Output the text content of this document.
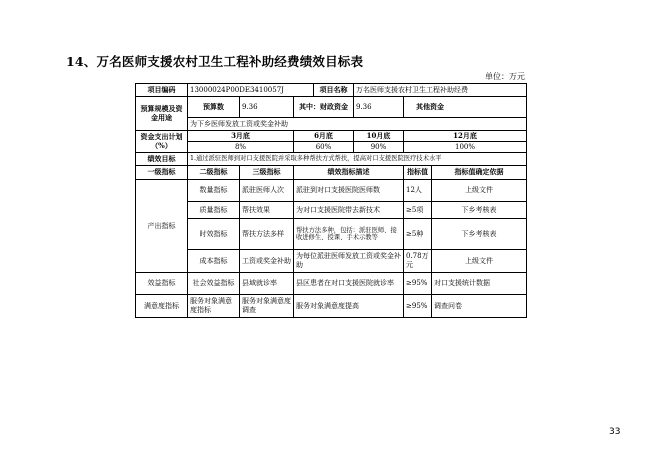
14、万名医师支援农村卫生工程补助经费绩效目标表
单位：万元
项目编码	13000024P00DE3410057J			项目名称	万名医师支援农村卫生工程补助经费		
预算规模及资金用途	预算数	9.36	其中：财政资金		9.36	其他资金	
	为下乡医师发放工资或奖金补助						
资金支出计划（%）	3月底		6月底		10月底	12月底	
	8%		60%		90%	100%	
绩效目标	1.通过派驻医师到对口支援医院并采取多种帮扶方式帮扶，提高对口支援医院医疗技术水平						
一级指标	二级指标	三级指标	绩效指标描述			指标值	指标值确定依据
产出指标	数量指标	派驻医师人次	派驻到对口支援医院医师数			12人	上级文件
	质量指标	帮扶效果	为对口支援医院带去新技术			≥5项	下乡考核表
	时效指标	帮扶方法多样	帮扶方法多种，包括：派驻医师、接收进修生、授课、手术示教等			≥5种	下乡考核表
	成本指标	工资或奖金补助	为每位派驻医师发放工资或奖金补助			0.78万元	上级文件
效益指标	社会效益指标	县域就诊率	县区患者在对口支援医院就诊率			≥95%	对口支援统计数据
满意度指标	服务对象满意度指标	服务对象满意度调查	服务对象满意度提高			≥95%	调查问卷
33
